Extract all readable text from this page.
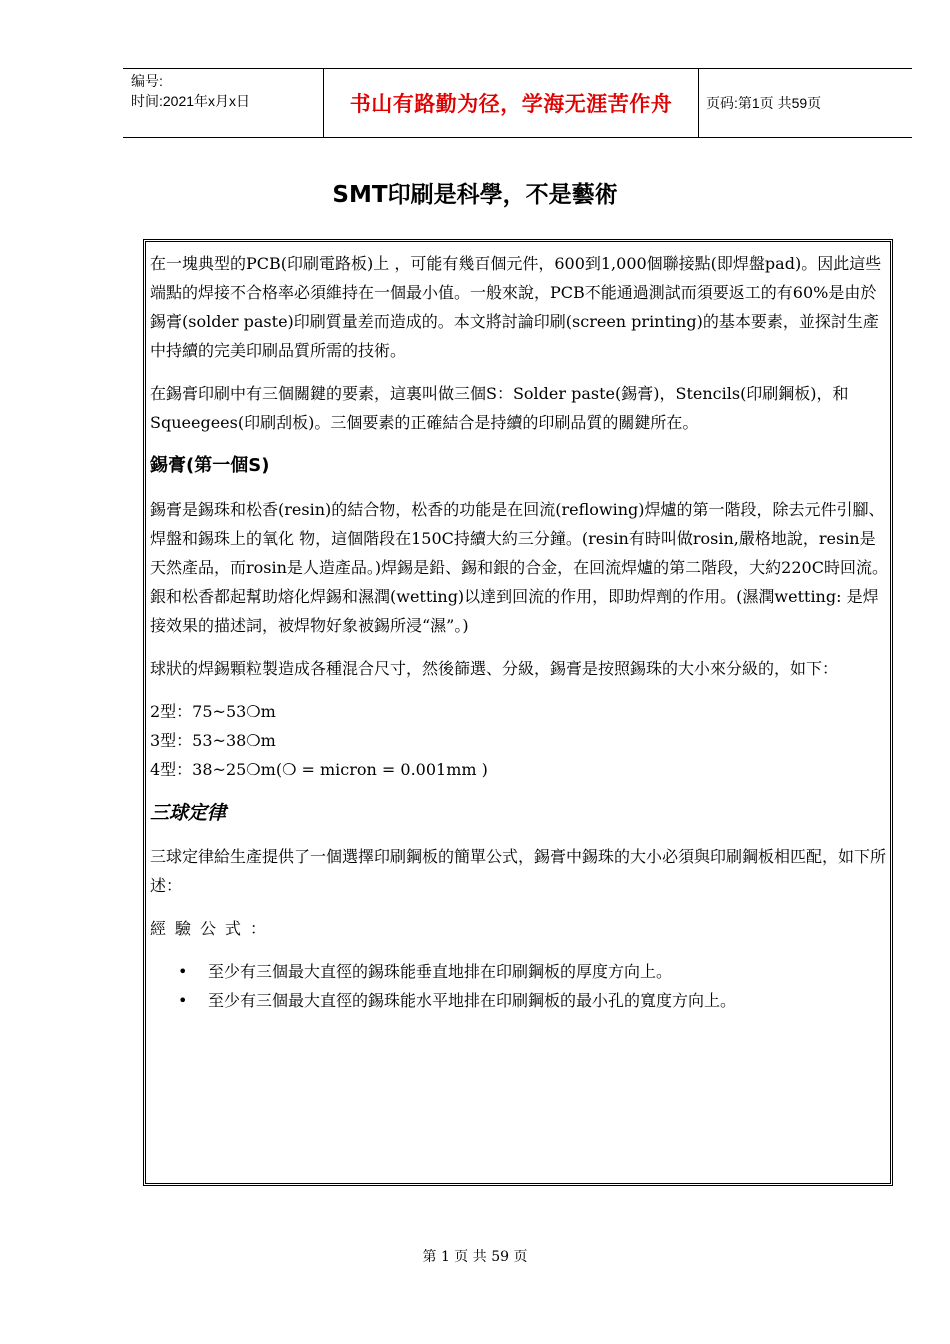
编号:
时间:2021年x月x日	书山有路勤为径，学海无涯苦作舟 页码:第1页 共59页
SMT印刷是科學，不是藝術

在一塊典型的PCB(印刷電路板)上 ，可能有幾百個元件，600到1,000個聯接點(即焊盤pad)。因此這些端點的焊接不合格率必須維持在一個最小值。一般來說，PCB不能通過測試而須要返工的有60%是由於錫膏(solder paste)印刷質量差而造成的。本文將討論印刷(screen printing)的基本要素，並探討生產中持續的完美印刷品質所需的技術。

在錫膏印刷中有三個關鍵的要素，這裏叫做三個S：Solder paste(錫膏)，Stencils(印刷鋼板)，和Squeegees(印刷刮板)。三個要素的正確結合是持續的印刷品質的關鍵所在。

錫膏(第一個S)

錫膏是錫珠和松香(resin)的結合物，松香的功能是在回流(reflowing)焊爐的第一階段，除去元件引腳、焊盤和錫珠上的氧化 物，這個階段在150C持續大約三分鐘。(resin有時叫做rosin,嚴格地說，resin是天然產品，而rosin是人造產品。)焊錫是鉛、錫和銀的合金，在回流焊爐的第二階段，大約220C時回流。銀和松香都起幫助熔化焊錫和濕潤(wetting)以達到回流的作用，即助焊劑的作用。(濕潤wetting: 是焊接效果的描述詞，被焊物好象被錫所浸“濕”。)

球狀的焊錫顆粒製造成各種混合尺寸，然後篩選、分級，錫膏是按照錫珠的大小來分級的，如下：

2型：75~53❍m

3型：53~38❍m

4型：38~25❍m(❍ = micron = 0.001mm )

三球定律

三球定律給生產提供了一個選擇印刷鋼板的簡單公式，錫膏中錫珠的大小必須與印刷鋼板相匹配，如下所述：

經驗公式：

• 至少有三個最大直徑的錫珠能垂直地排在印刷鋼板的厚度方向上。
• 至少有三個最大直徑的錫珠能水平地排在印刷鋼板的最小孔的寬度方向上。
第 1 页 共 59 页
